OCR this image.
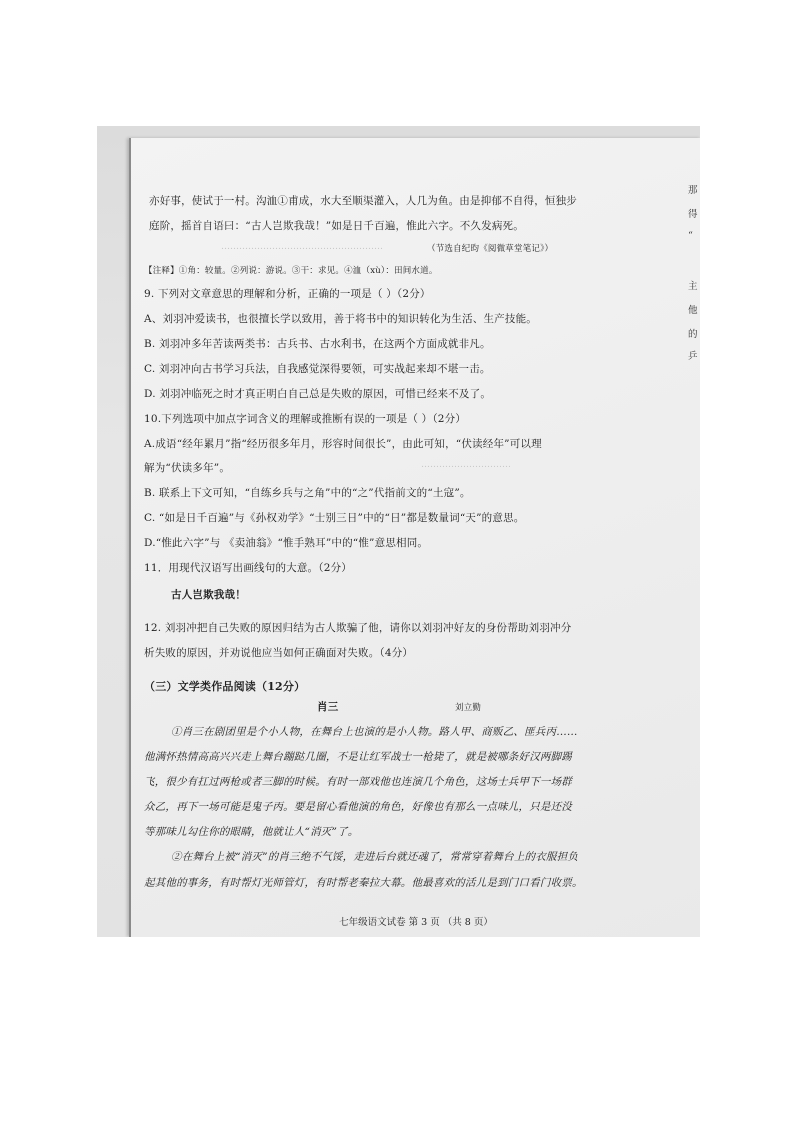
………………………………………………
…………………………
亦好事，使试于一村。沟洫①甫成，水大至顺渠灌入，人几为鱼。由是抑郁不自得，恒独步
庭阶，摇首自语曰：“古人岂欺我哉！”如是日千百遍，惟此六字。不久发病死。
（节选自纪昀《阅微草堂笔记》）
【注释】①角：较量。②列说：游说。③干：求见。④洫（xù）：田间水道。
9. 下列对文章意思的理解和分析，正确的一项是（ ）（2分）
A、刘羽冲爱读书，也很擅长学以致用，善于将书中的知识转化为生活、生产技能。
B. 刘羽冲多年苦读两类书：古兵书、古水利书，在这两个方面成就非凡。
C. 刘羽冲向古书学习兵法，自我感觉深得要领，可实战起来却不堪一击。
D. 刘羽冲临死之时才真正明白自己总是失败的原因，可惜已经来不及了。
10.下列选项中加点字词含义的理解或推断有误的一项是（ ）（2分）
A.成语“经年累月”指“经历很多年月，形容时间很长”，由此可知，“伏读经年”可以理
解为“伏读多年”。
B. 联系上下文可知，“自练乡兵与之角”中的“之”代指前文的“土寇”。
C. “如是日千百遍”与《孙权劝学》“士别三日”中的“日”都是数量词“天”的意思。
D.“惟此六字”与 《卖油翁》“惟手熟耳”中的“惟”意思相同。
11．用现代汉语写出画线句的大意。（2分）
古人岂欺我哉！
12. 刘羽冲把自己失败的原因归结为古人欺骗了他，请你以刘羽冲好友的身份帮助刘羽冲分
析失败的原因，并劝说他应当如何正确面对失败。（4分）
（三）文学类作品阅读（12分）
肖三	刘立勤
①肖三在剧团里是个小人物，在舞台上也演的是小人物。路人甲、商贩乙、匪兵丙……
他满怀热情高高兴兴走上舞台蹦跶几圈，不是让红军战士一枪毙了，就是被哪条好汉两脚踢
飞，很少有扛过两枪或者三脚的时候。有时一部戏他也连演几个角色，这场士兵甲下一场群
众乙，再下一场可能是鬼子丙。要是留心看他演的角色，好像也有那么一点味儿，只是还没
等那味儿勾住你的眼睛，他就让人“消灭”了。
②在舞台上被“消灭”的肖三绝不气馁，走进后台就还魂了，常常穿着舞台上的衣服担负
起其他的事务，有时帮灯光师管灯，有时帮老秦拉大幕。他最喜欢的活儿是到门口看门收票。
七年级语文试卷 第 3 页 （共 8 页）
那
得
“
主
他
的
乒
